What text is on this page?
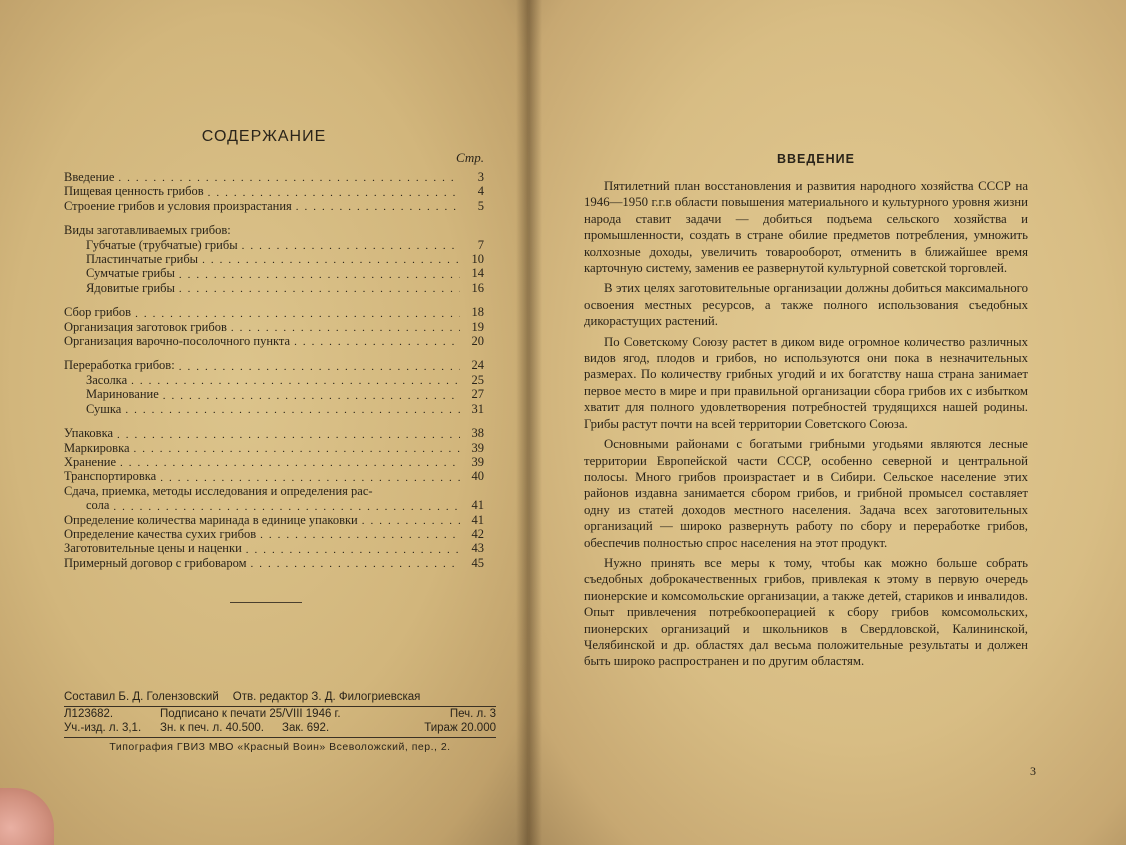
СОДЕРЖАНИЕ
Стр.
Введение .....	3
Пищевая ценность грибов .....	4
Строение грибов и условия произрастания .....	5
Виды заготавливаемых грибов:
Губчатые (трубчатые) грибы .....	7
Пластинчатые грибы .....	10
Сумчатые грибы .....	14
Ядовитые грибы .....	16
Сбор грибов .....	18
Организация заготовок грибов .....	19
Организация варочно-посолочного пункта .....	20
Переработка грибов: .....	24
Засолка .....	25
Маринование .....	27
Сушка .....	31
Упаковка .....	38
Маркировка .....	39
Хранение .....	39
Транспортировка .....	40
Сдача, приемка, методы исследования и определения рас-
сола .....	41
Определение количества маринада в единице упаковки .....	41
Определение качества сухих грибов .....	42
Заготовительные цены и наценки .....	43
Примерный договор с грибоваром .....	45
Составил Б. Д. Голензовский Отв. редактор З. Д. Филогриевская
Л123682.	Подписано к печати 25/VIII 1946 г.	Печ. л. 3
Уч.-изд. л. 3,1.	Зн. к печ. л. 40.500.	Зак. 692.	Тираж 20.000
Типография ГВИЗ МВО «Красный Воин» Всеволожский, пер., 2.
ВВЕДЕНИЕ

Пятилетний план восстановления и развития народного хозяйства СССР на 1946—1950 г.г.в области повышения материального и культурного уровня жизни народа ставит задачи — добиться подъема сельского хозяйства и промышленности, создать в стране обилие предметов потребления, умножить колхозные доходы, увеличить товарооборот, отменить в ближайшее время карточную систему, заменив ее развернутой культурной советской торговлей.

В этих целях заготовительные организации должны добиться максимального освоения местных ресурсов, а также полного использования съедобных дикорастущих растений.

По Советскому Союзу растет в диком виде огромное количество различных видов ягод, плодов и грибов, но используются они пока в незначительных размерах. По количеству грибных угодий и их богатству наша страна занимает первое место в мире и при правильной организации сбора грибов их с избытком хватит для полного удовлетворения потребностей трудящихся нашей родины. Грибы растут почти на всей территории Советского Союза.

Основными районами с богатыми грибными угодьями являются лесные территории Европейской части СССР, особенно северной и центральной полосы. Много грибов произрастает и в Сибири. Сельское население этих районов издавна занимается сбором грибов, и грибной промысел составляет одну из статей доходов местного населения. Задача всех заготовительных организаций — широко развернуть работу по сбору и переработке грибов, обеспечив полностью спрос населения на этот продукт.

Нужно принять все меры к тому, чтобы как можно больше собрать съедобных доброкачественных грибов, привлекая к этому в первую очередь пионерские и комсомольские организации, а также детей, стариков и инвалидов. Опыт привлечения потребкооперацией к сбору грибов комсомольских, пионерских организаций и школьников в Свердловской, Калининской, Челябинской и др. областях дал весьма положительные результаты и должен быть широко распространен и по другим областям.

3
